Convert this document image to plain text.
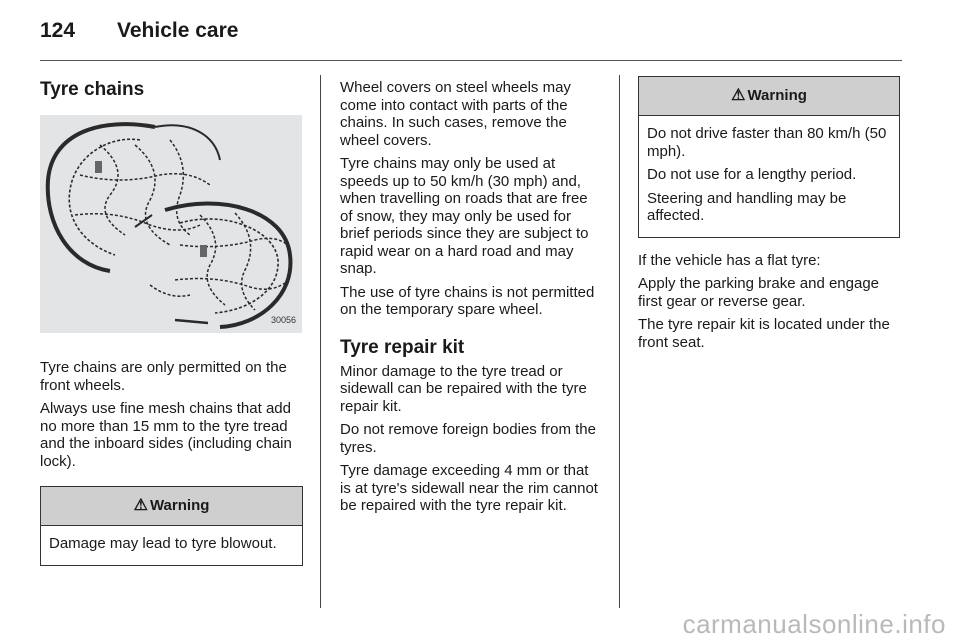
124 Vehicle care
Tyre chains
30056

Tyre chains are only permitted on the front wheels.

Always use fine mesh chains that add no more than 15 mm to the tyre tread and the inboard sides (including chain lock).

⚠ Warning

Damage may lead to tyre blowout.

Wheel covers on steel wheels may come into contact with parts of the chains. In such cases, remove the wheel covers.

Tyre chains may only be used at speeds up to 50 km/h (30 mph) and, when travelling on roads that are free of snow, they may only be used for brief periods since they are subject to rapid wear on a hard road and may snap.

The use of tyre chains is not permitted on the temporary spare wheel.

Tyre repair kit

Minor damage to the tyre tread or sidewall can be repaired with the tyre repair kit.

Do not remove foreign bodies from the tyres.

Tyre damage exceeding 4 mm or that is at tyre's sidewall near the rim cannot be repaired with the tyre repair kit.

⚠ Warning

Do not drive faster than 80 km/h (50 mph).

Do not use for a lengthy period.

Steering and handling may be affected.

If the vehicle has a flat tyre:

Apply the parking brake and engage first gear or reverse gear.

The tyre repair kit is located under the front seat.

carmanualsonline.info
